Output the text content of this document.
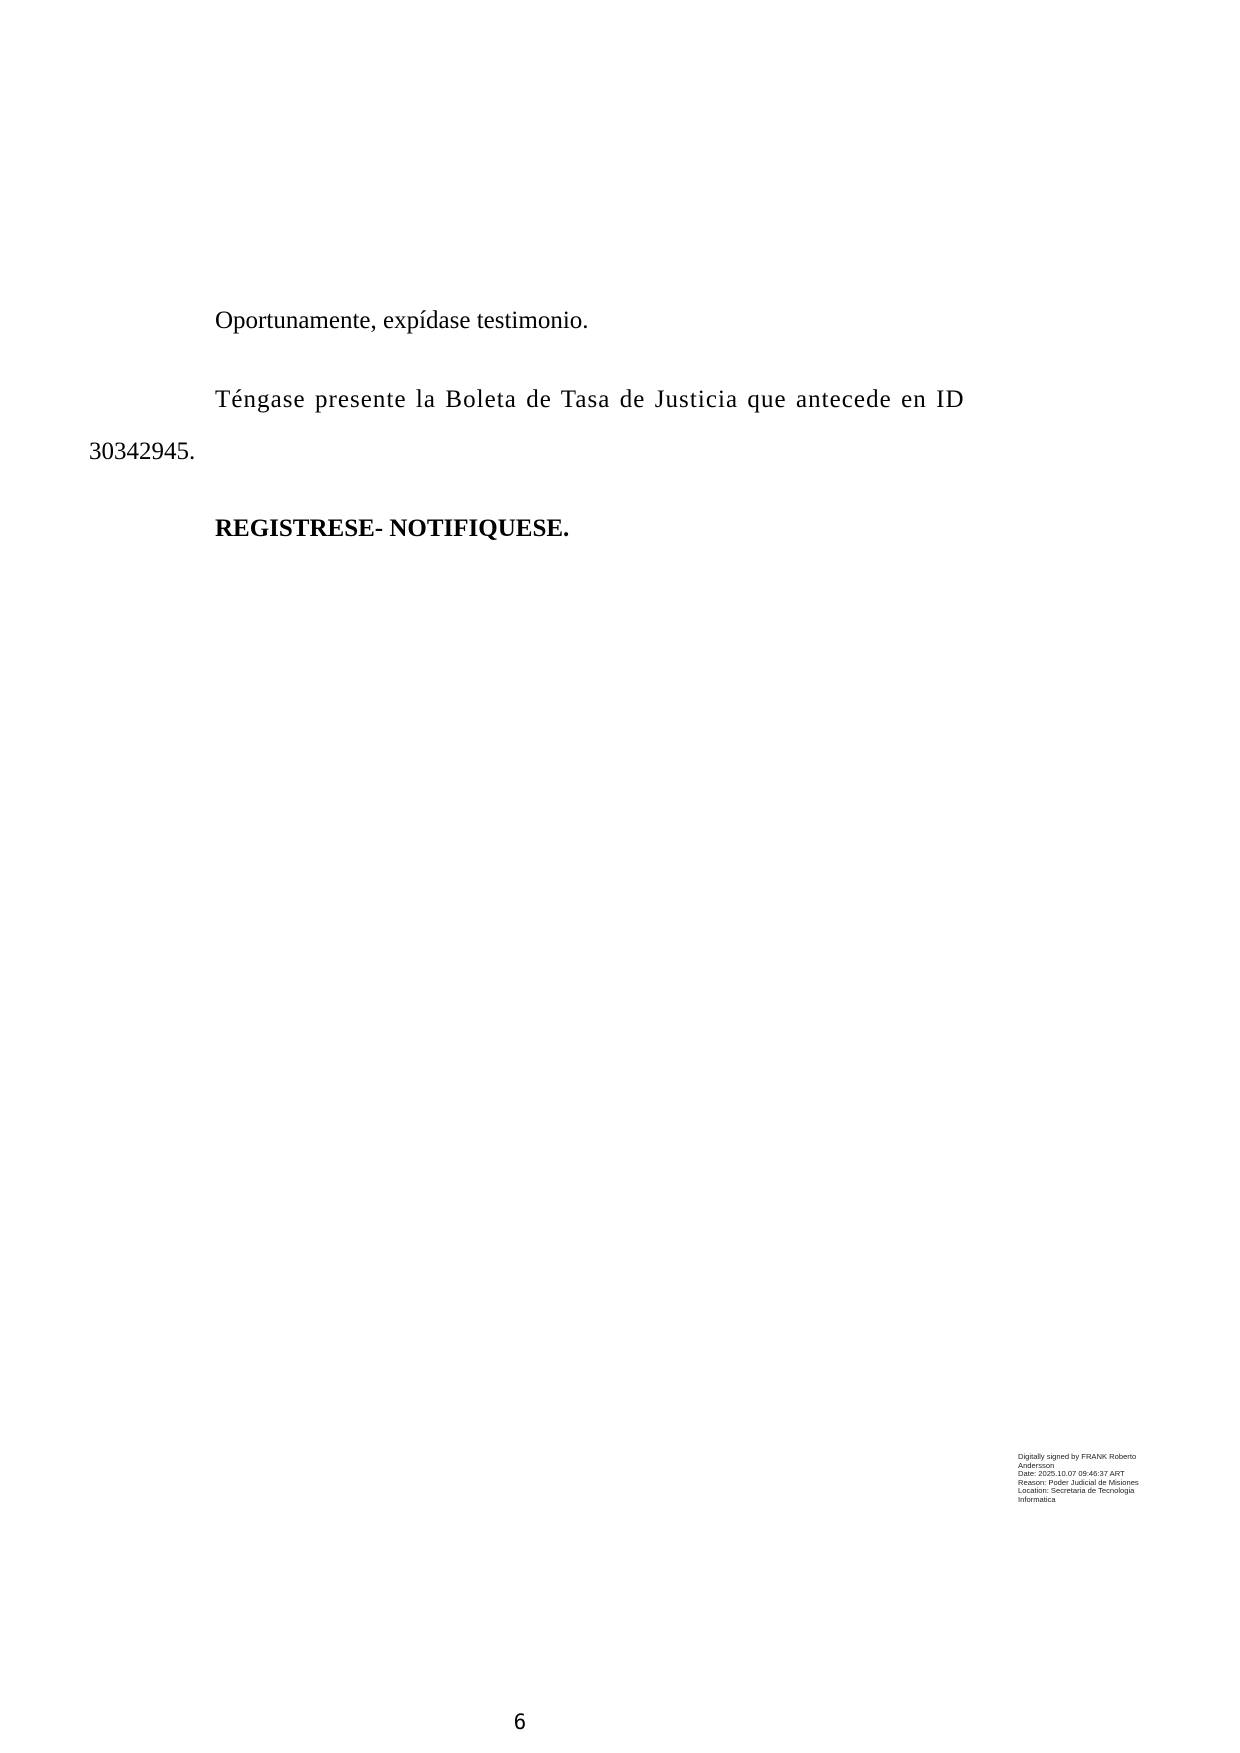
Oportunamente, expídase testimonio.
Téngase presente la Boleta de Tasa de Justicia que antecede en ID
30342945.
REGISTRESE- NOTIFIQUESE.
Digitally signed by FRANK Roberto
Andersson
Date: 2025.10.07 09:46:37 ART
Reason: Poder Judicial de Misiones
Location: Secretaria de Tecnologia
Informatica
6
